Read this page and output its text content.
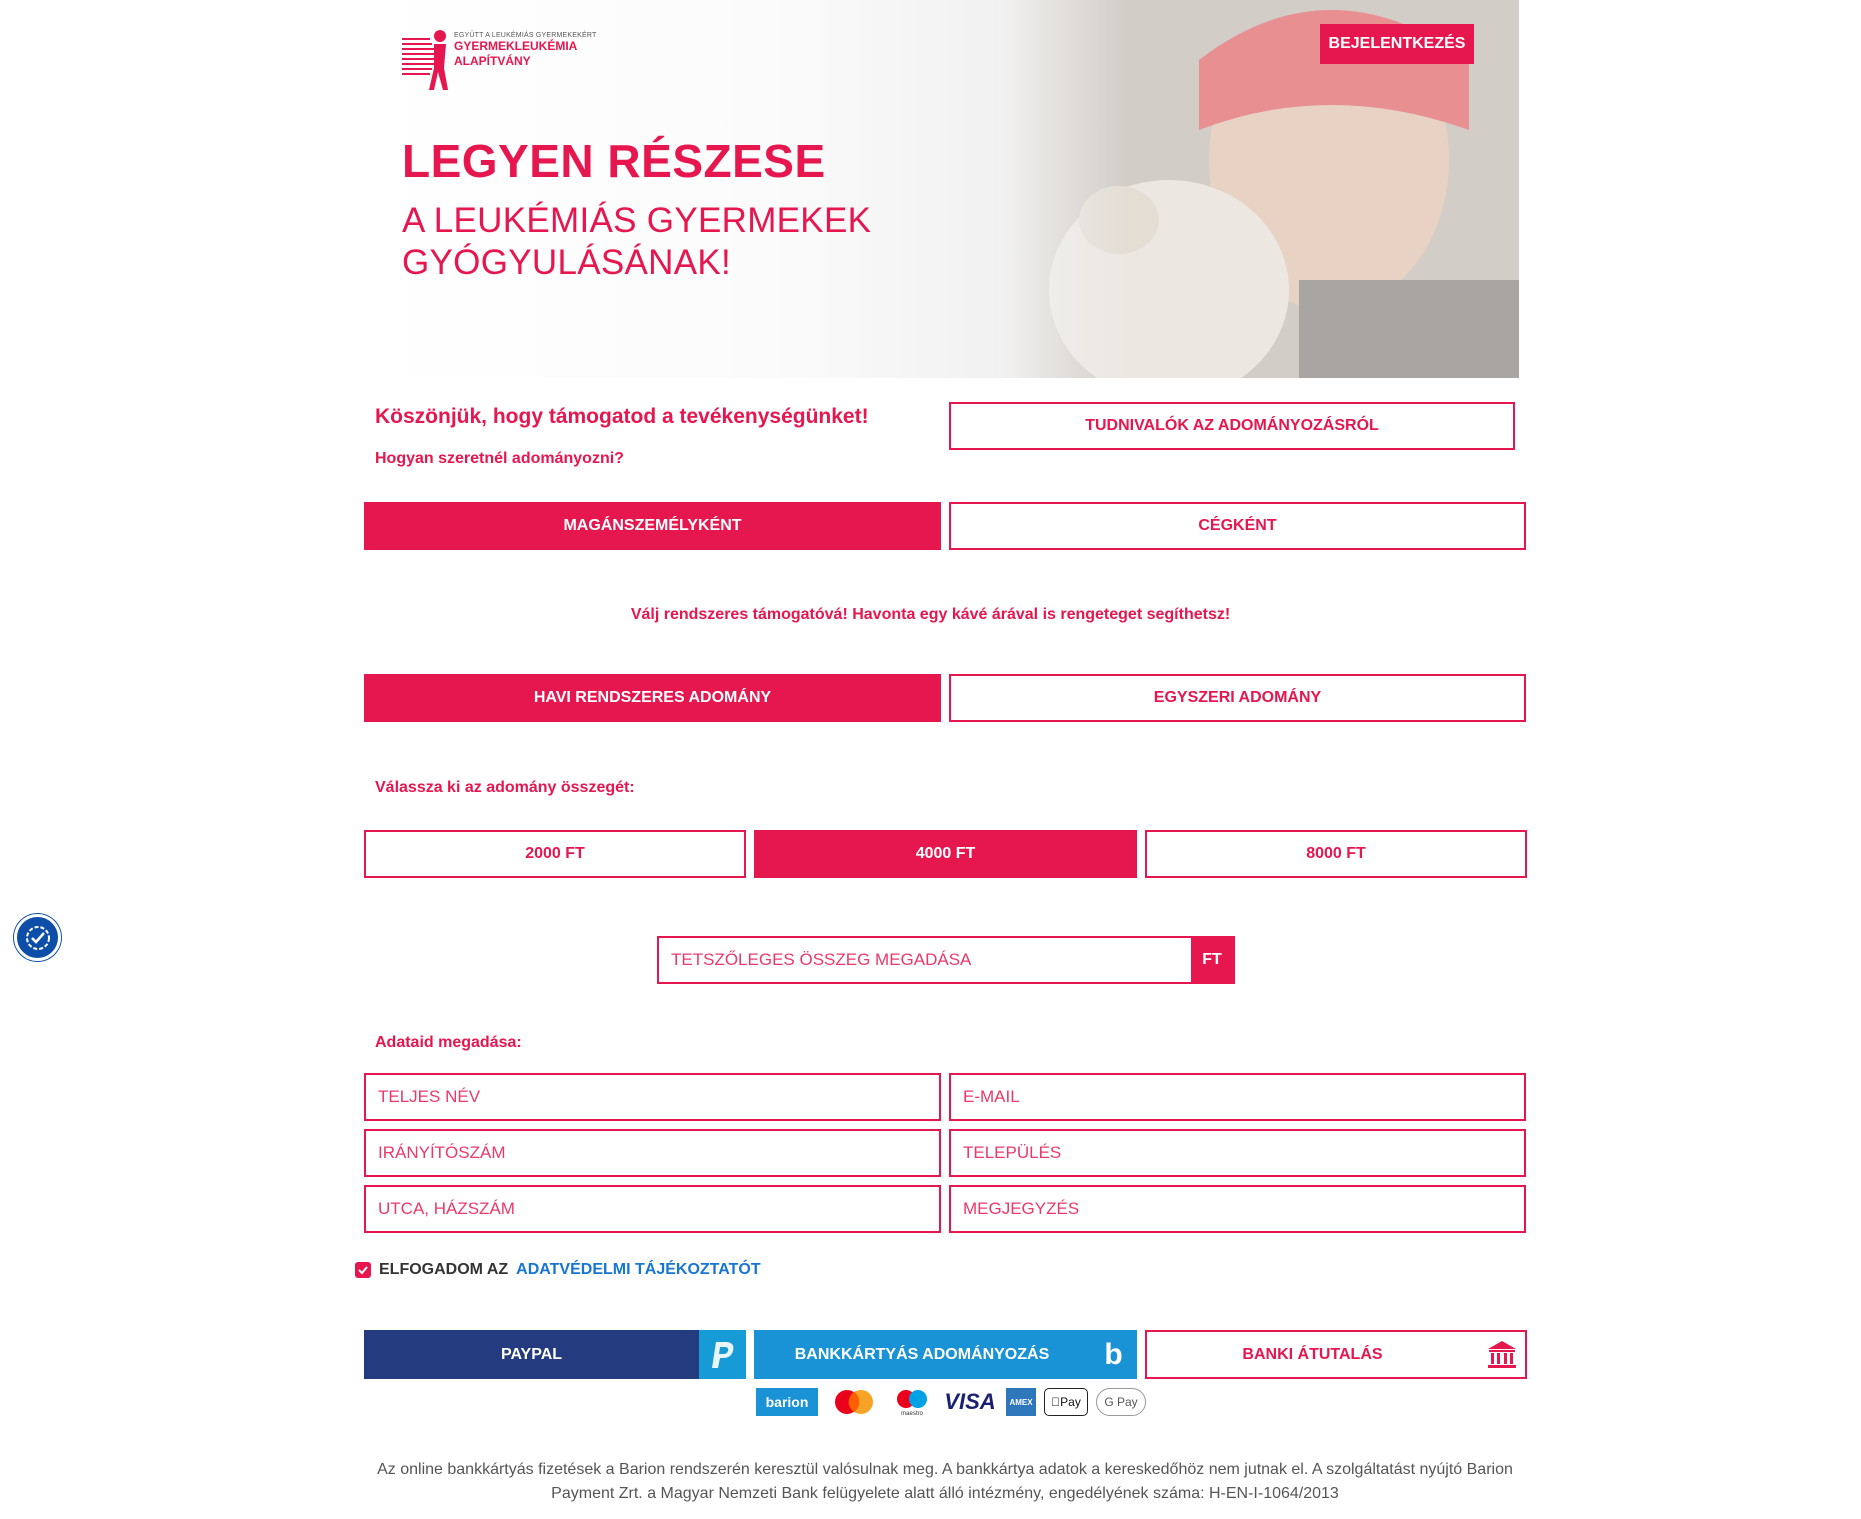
EGYÜTT A LEUKÉMIÁS GYERMEKEKÉRT
GYERMEKLEUKÉMIA
ALAPÍTVÁNY
LEGYEN RÉSZESE
A LEUKÉMIÁS GYERMEKEK
GYÓGYULÁSÁNAK!
BEJELENTKEZÉS
Köszönjük, hogy támogatod a tevékenységünket!
Hogyan szeretnél adományozni?
TUDNIVALÓK AZ ADOMÁNYOZÁSRÓL
MAGÁNSZEMÉLYKÉNT	CÉGKÉNT
Válj rendszeres támogatóvá! Havonta egy kávé árával is rengeteget segíthetsz!
HAVI RENDSZERES ADOMÁNY	EGYSZERI ADOMÁNY
Válassza ki az adomány összegét:
2000 FT	4000 FT	8000 FT
TETSZŐLEGES ÖSSZEG MEGADÁSA
FT
Adataid megadása:
TELJES NÉV
E-MAIL
IRÁNYÍTÓSZÁM
TELEPÜLÉS
UTCA, HÁZSZÁM
MEGJEGYZÉS
ELFOGADOM AZ ADATVÉDELMI TÁJÉKOZTATÓT
PAYPAL	BANKKÁRTYÁS ADOMÁNYOZÁS	b	BANKI ÁTUTALÁS
barion
maestro VISA AMEX Pay G Pay
Az online bankkártyás fizetések a Barion rendszerén keresztül valósulnak meg. A bankkártya adatok a kereskedőhöz nem jutnak el. A szolgáltatást nyújtó Barion Payment Zrt. a Magyar Nemzeti Bank felügyelete alatt álló intézmény, engedélyének száma: H-EN-I-1064/2013
